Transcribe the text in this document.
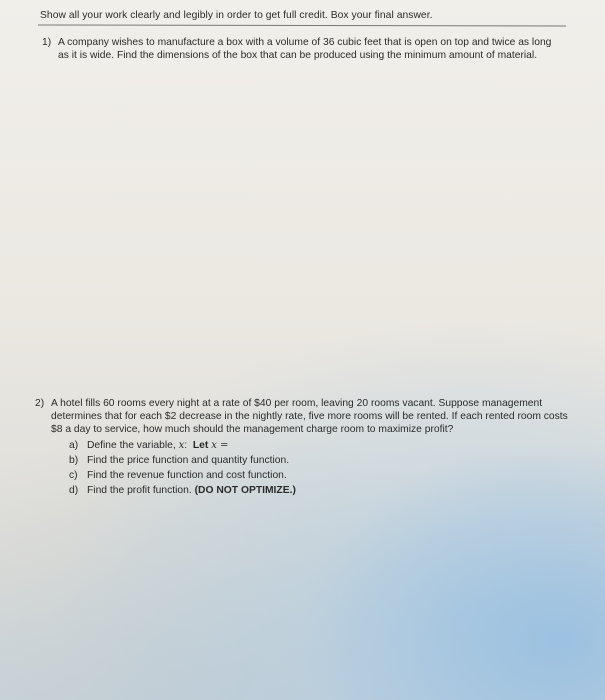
Show all your work clearly and legibly in order to get full credit. Box your final answer.
1) A company wishes to manufacture a box with a volume of 36 cubic feet that is open on top and twice as long as it is wide. Find the dimensions of the box that can be produced using the minimum amount of material.
2) A hotel fills 60 rooms every night at a rate of $40 per room, leaving 20 rooms vacant. Suppose management determines that for each $2 decrease in the nightly rate, five more rooms will be rented. If each rented room costs $8 a day to service, how much should the management charge room to maximize profit?
a) Define the variable, x: Let x =
b) Find the price function and quantity function.
c) Find the revenue function and cost function.
d) Find the profit function. (DO NOT OPTIMIZE.)
